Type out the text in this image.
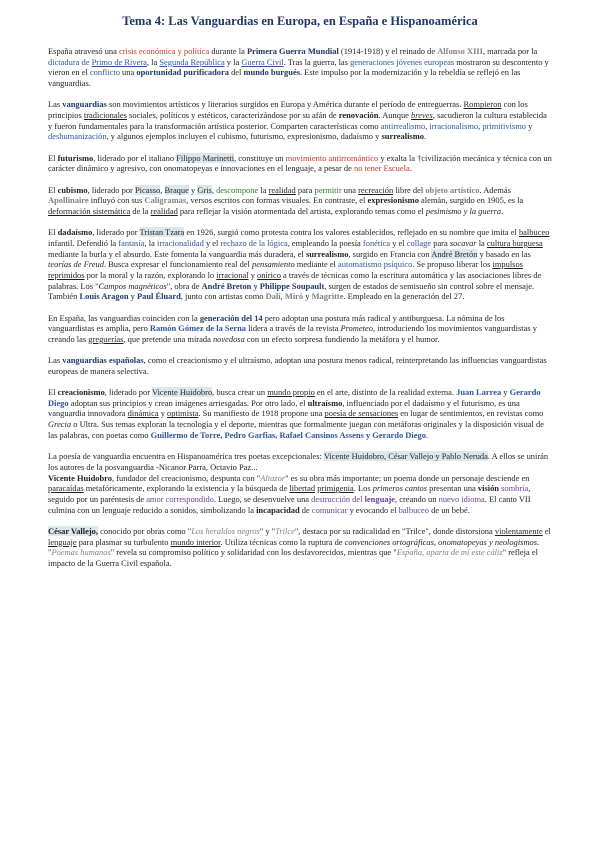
Tema 4: Las Vanguardias en Europa, en España e Hispanoamérica

España atravesó una crisis económica y política durante la Primera Guerra Mundial (1914-1918) y el reinado de Alfonso XIII, marcada por la dictadura de Primo de Rivera, la Segunda República y la Guerra Civil. Tras la guerra, las generaciones jóvenes europeas mostraron su descontento y vieron en el conflicto una oportunidad purificadora del mundo burgués. Este impulso por la modernización y la rebeldía se reflejó en las vanguardias.

Las vanguardias son movimientos artísticos y literarios surgidos en Europa y América durante el período de entreguerras. Rompieron con los principios tradicionales sociales, políticos y estéticos, caracterizándose por su afán de renovación. Aunque breves, sacudieron la cultura establecida y fueron fundamentales para la transformación artística posterior. Comparten características como antirrealismo, irracionalismo, primitivismo y deshumanización, y algunos ejemplos incluyen el cubismo, futurismo, expresionismo, dadaísmo y surrealismo.

El futurismo, liderado por el italiano Filippo Marinetti, constituye un movimiento antirromántico y exalta la †civilización mecánica y técnica con un carácter dinámico y agresivo, con onomatopeyas e innovaciones en el lenguaje, a pesar de no tener Escuela.

El cubismo, liderado por Picasso, Braque y Gris, descompone la realidad para permitir una recreación libre del objeto artístico. Además Apollinaire influyó con sus Caligramas, versos escritos con formas visuales. En contraste, el expresionismo alemán, surgido en 1905, es la deformación sistemática de la realidad para reflejar la visión atormentada del artista, explorando temas como el pesimismo y la guerra.

El dadaísmo, liderado por Tristan Tzara en 1926, surgió como protesta contra los valores establecidos, reflejado en su nombre que imita el balbuceo infantil. Defendió la fantasía, la irracionalidad y el rechazo de la lógica, empleando la poesía fonética y el collage para socavar la cultura burguesa mediante la burla y el absurdo. Este fomenta la vanguardia más duradera, el surrealismo, surgido en Francia con André Bretón y basado en las teorías de Freud. Busca expresar el funcionamiento real del pensamiento mediante el automatismo psíquico. Se propuso liberar los impulsos reprimidos por la moral y la razón, explorando lo irracional y onírico a través de técnicas como la escritura automática y las asociaciones libres de palabras. Los "Campos magnéticos", obra de André Breton y Philippe Soupault, surgen de estados de semisueño sin control sobre el mensaje. También Louis Aragon y Paul Éluard, junto con artistas como Dalí, Miró y Magritte. Empleado en la generación del 27.

En España, las vanguardias coinciden con la generación del 14 pero adoptan una postura más radical y antiburguesa. La nómina de los vanguardistas es amplia, pero Ramón Gómez de la Serna lidera a través de la revista Prometeo, introduciendo los movimientos vanguardistas y creando las greguerías, que pretende una mirada novedosa con un efecto sorpresa fundiendo la metáfora y el humor.

Las vanguardias españolas, como el creacionismo y el ultraísmo, adoptan una postura menos radical, reinterpretando las influencias vanguardistas europeas de manera selectiva.

El creacionismo, liderado por Vicente Huidobro, busca crear un mundo propio en el arte, distinto de la realidad externa. Juan Larrea y Gerardo Diego adoptan sus principios y crean imágenes arriesgadas. Por otro lado, el ultraísmo, influenciado por el dadaísmo y el futurismo, es una vanguardia innovadora dinámica y optimista. Su manifiesto de 1918 propone una poesía de sensaciones en lugar de sentimientos, en revistas como Grecia o Ultra. Sus temas exploran la tecnología y el deporte, mientras que formalmente juegan con metáforas originales y la disposición visual de las palabras, con poetas como Guillermo de Torre, Pedro Garfias, Rafael Cansinos Assens y Gerardo Diego.

La poesía de vanguardia encuentra en Hispanoamérica tres poetas excepcionales: Vicente Huidobro, César Vallejo y Pablo Neruda. A ellos se unirán los autores de la posvanguardia -Nicanor Parra, Octavio Paz...

Vicente Huidobro, fundador del creacionismo, despunta con "Altazor" es su obra más importante; un poema donde un personaje desciende en paracaídas metafóricamente, explorando la existencia y la búsqueda de libertad primigenia. Los primeros cantos presentan una visión sombría, seguido por un paréntesis de amor correspondido. Luego, se desenvuelve una destrucción del lenguaje, creando un nuevo idioma. El canto VII culmina con un lenguaje reducido a sonidos, simbolizando la incapacidad de comunicar y evocando el balbuceo de un bebé.

César Vallejo, conocido por obras como "Los heraldos negros" y "Trilce", destaca por su radicalidad en "Trilce", donde distorsiona violentamente el lenguaje para plasmar su turbulento mundo interior. Utiliza técnicas como la ruptura de convenciones ortográficas, onomatopeyas y neologismos. "Poemas humanos" revela su compromiso político y solidaridad con los desfavorecidos, mientras que "España, aparta de mí este cáliz" refleja el impacto de la Guerra Civil española.
